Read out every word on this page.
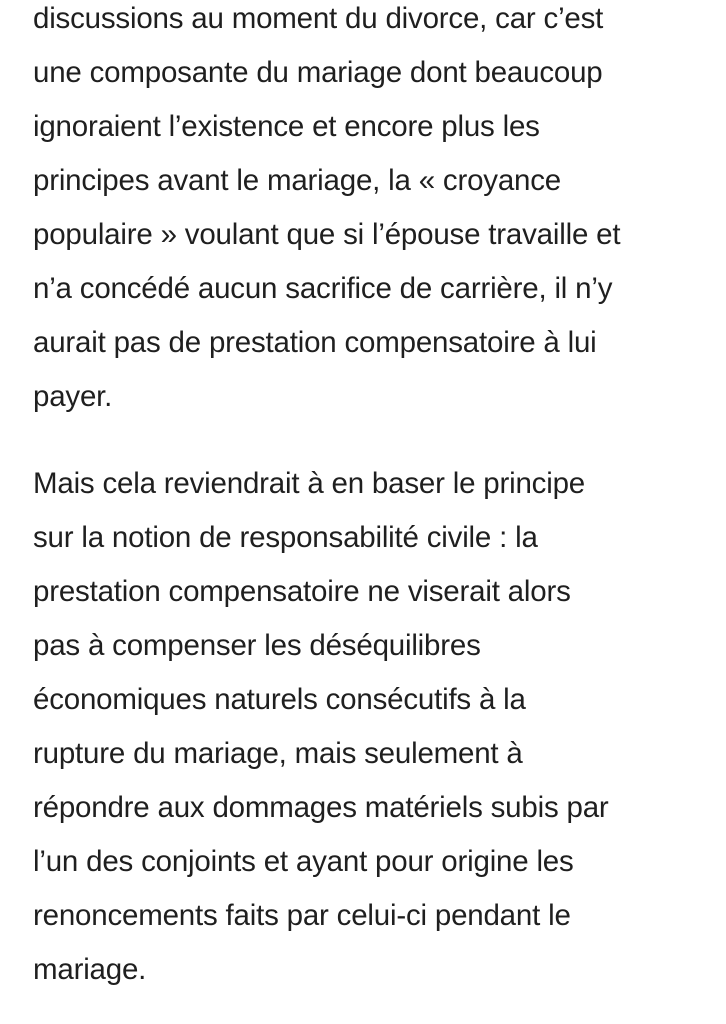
discussions au moment du divorce, car c’est
une composante du mariage dont beaucoup
ignoraient l’existence et encore plus les
principes avant le mariage, la « croyance
populaire » voulant que si l’épouse travaille et
n’a concédé aucun sacrifice de carrière, il n’y
aurait pas de prestation compensatoire à lui
payer.

Mais cela reviendrait à en baser le principe
sur la notion de responsabilité civile : la
prestation compensatoire ne viserait alors
pas à compenser les déséquilibres
économiques naturels consécutifs à la
rupture du mariage, mais seulement à
répondre aux dommages matériels subis par
l’un des conjoints et ayant pour origine les
renoncements faits par celui-ci pendant le
mariage.
